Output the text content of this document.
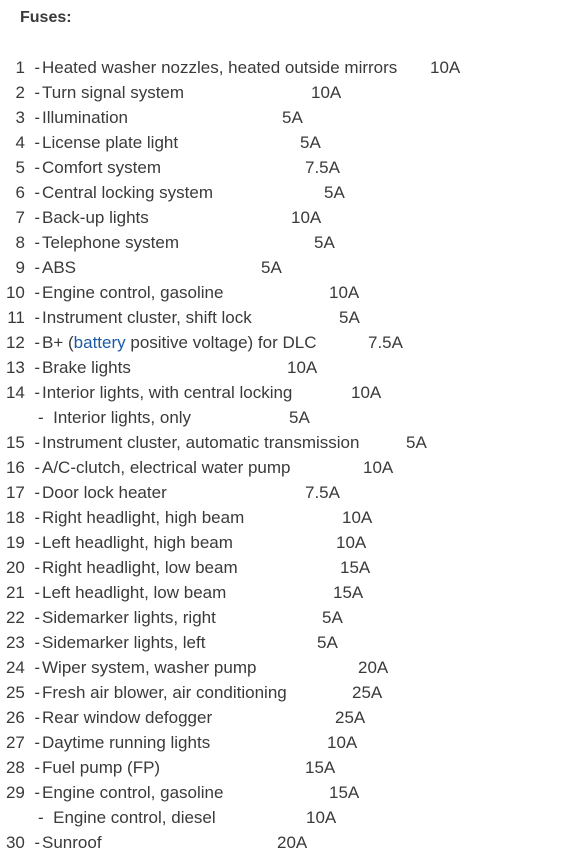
Fuses:
1  - Heated washer nozzles, heated outside mirrors 10A
2  - Turn signal system	10A
3  - Illumination	5A
4  - License plate light	5A
5  - Comfort system	7.5A
6  - Central locking system	5A
7  - Back-up lights	10A
8  - Telephone system	5A
9  - ABS	5A
10  - Engine control, gasoline	10A
11  - Instrument cluster, shift lock	5A
12  - B+ (battery positive voltage) for DLC	7.5A
13  - Brake lights	10A
14  - Interior lights, with central locking	10A
-  Interior lights, only	5A
15  - Instrument cluster, automatic transmission	5A
16  - A/C-clutch, electrical water pump	10A
17  - Door lock heater	7.5A
18  - Right headlight, high beam	10A
19  - Left headlight, high beam	10A
20  - Right headlight, low beam	15A
21  - Left headlight, low beam	15A
22  - Sidemarker lights, right	5A
23  - Sidemarker lights, left	5A
24  - Wiper system, washer pump	20A
25  - Fresh air blower, air conditioning	25A
26  - Rear window defogger	25A
27  - Daytime running lights	10A
28  - Fuel pump (FP)	15A
29  - Engine control, gasoline	15A
-  Engine control, diesel	10A
30  - Sunroof	20A
